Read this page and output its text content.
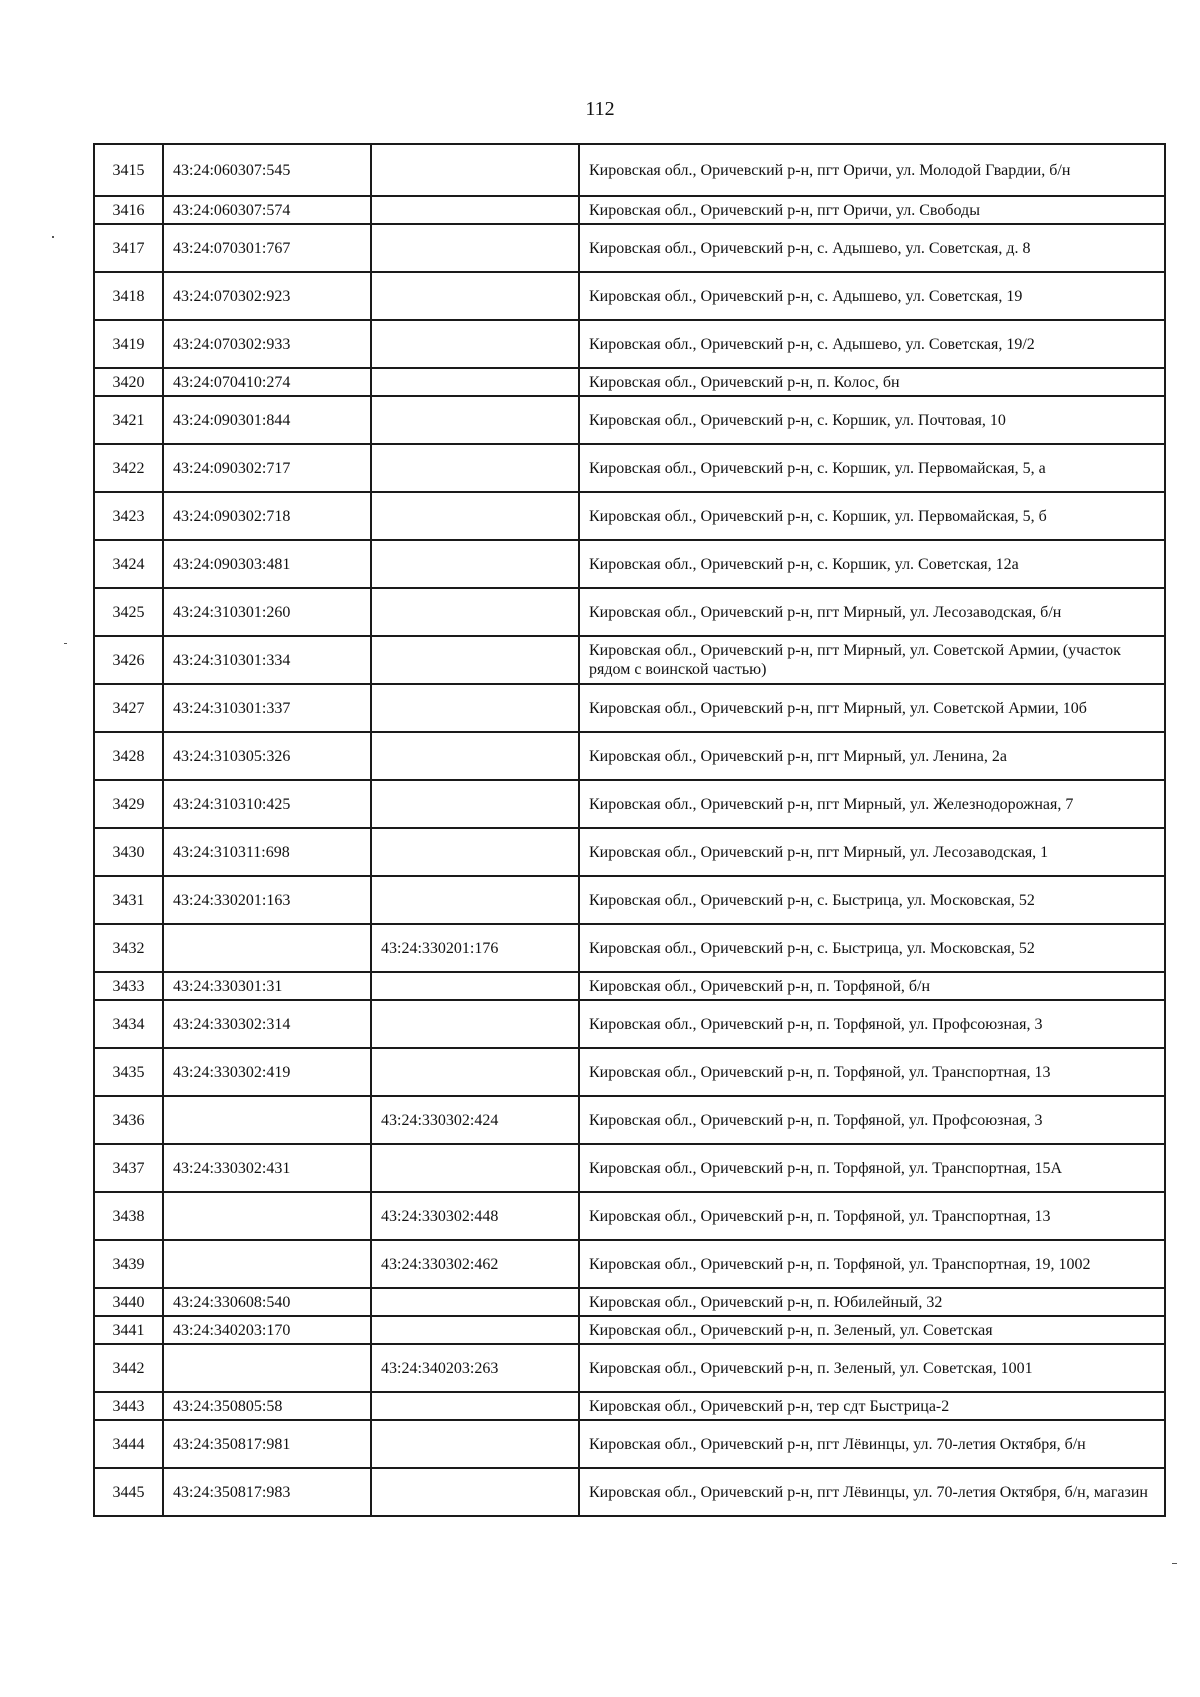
112
3415	43:24:060307:545		Кировская обл., Оричевский р-н, пгт Оричи, ул. Молодой Гвардии, б/н
3416	43:24:060307:574		Кировская обл., Оричевский р-н, пгт Оричи, ул. Свободы
3417	43:24:070301:767		Кировская обл., Оричевский р-н, с. Адышево, ул. Советская, д. 8
3418	43:24:070302:923		Кировская обл., Оричевский р-н, с. Адышево, ул. Советская, 19
3419	43:24:070302:933		Кировская обл., Оричевский р-н, с. Адышево, ул. Советская, 19/2
3420	43:24:070410:274		Кировская обл., Оричевский р-н, п. Колос, бн
3421	43:24:090301:844		Кировская обл., Оричевский р-н, с. Коршик, ул. Почтовая, 10
3422	43:24:090302:717		Кировская обл., Оричевский р-н, с. Коршик, ул. Первомайская, 5, а
3423	43:24:090302:718		Кировская обл., Оричевский р-н, с. Коршик, ул. Первомайская, 5, б
3424	43:24:090303:481		Кировская обл., Оричевский р-н, с. Коршик, ул. Советская, 12а
3425	43:24:310301:260		Кировская обл., Оричевский р-н, пгт Мирный, ул. Лесозаводская, б/н
3426	43:24:310301:334		Кировская обл., Оричевский р-н, пгт Мирный, ул. Советской Армии, (участок рядом с воинской частью)
3427	43:24:310301:337		Кировская обл., Оричевский р-н, пгт Мирный, ул. Советской Армии, 10б
3428	43:24:310305:326		Кировская обл., Оричевский р-н, пгт Мирный, ул. Ленина, 2а
3429	43:24:310310:425		Кировская обл., Оричевский р-н, пгт Мирный, ул. Железнодорожная, 7
3430	43:24:310311:698		Кировская обл., Оричевский р-н, пгт Мирный, ул. Лесозаводская, 1
3431	43:24:330201:163		Кировская обл., Оричевский р-н, с. Быстрица, ул. Московская, 52
3432		43:24:330201:176	Кировская обл., Оричевский р-н, с. Быстрица, ул. Московская, 52
3433	43:24:330301:31		Кировская обл., Оричевский р-н, п. Торфяной, б/н
3434	43:24:330302:314		Кировская обл., Оричевский р-н, п. Торфяной, ул. Профсоюзная, 3
3435	43:24:330302:419		Кировская обл., Оричевский р-н, п. Торфяной, ул. Транспортная, 13
3436		43:24:330302:424	Кировская обл., Оричевский р-н, п. Торфяной, ул. Профсоюзная, 3
3437	43:24:330302:431		Кировская обл., Оричевский р-н, п. Торфяной, ул. Транспортная, 15А
3438		43:24:330302:448	Кировская обл., Оричевский р-н, п. Торфяной, ул. Транспортная, 13
3439		43:24:330302:462	Кировская обл., Оричевский р-н, п. Торфяной, ул. Транспортная, 19, 1002
3440	43:24:330608:540		Кировская обл., Оричевский р-н, п. Юбилейный, 32
3441	43:24:340203:170		Кировская обл., Оричевский р-н, п. Зеленый, ул. Советская
3442		43:24:340203:263	Кировская обл., Оричевский р-н, п. Зеленый, ул. Советская, 1001
3443	43:24:350805:58		Кировская обл., Оричевский р-н, тер сдт Быстрица-2
3444	43:24:350817:981		Кировская обл., Оричевский р-н, пгт Лёвинцы, ул. 70-летия Октября, б/н
3445	43:24:350817:983		Кировская обл., Оричевский р-н, пгт Лёвинцы, ул. 70-летия Октября, б/н, магазин
